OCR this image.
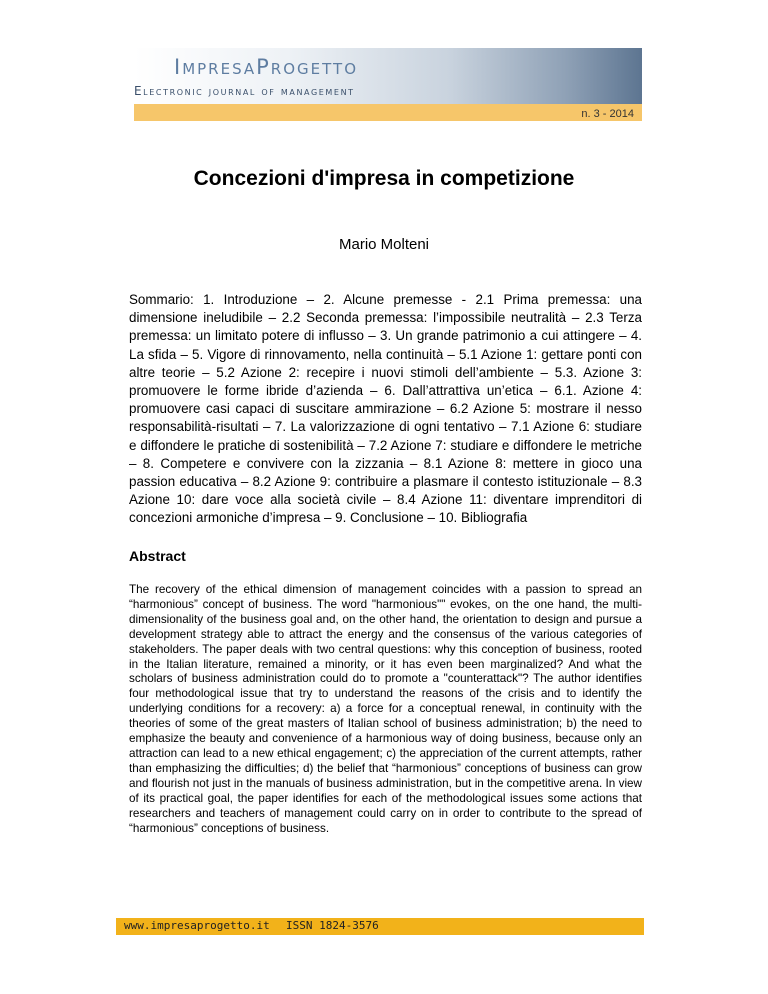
ImpresaProgetto
Electronic journal of management
n. 3 - 2014
Concezioni d'impresa in competizione

Mario Molteni

Sommario: 1. Introduzione – 2. Alcune premesse - 2.1 Prima premessa: una dimensione ineludibile – 2.2 Seconda premessa: l’impossibile neutralità – 2.3 Terza premessa: un limitato potere di influsso – 3. Un grande patrimonio a cui attingere – 4. La sfida – 5. Vigore di rinnovamento, nella continuità – 5.1 Azione 1: gettare ponti con altre teorie – 5.2 Azione 2: recepire i nuovi stimoli dell’ambiente – 5.3. Azione 3: promuovere le forme ibride d’azienda – 6. Dall’attrattiva un’etica – 6.1. Azione 4: promuovere casi capaci di suscitare ammirazione – 6.2 Azione 5: mostrare il nesso responsabilità-risultati – 7. La valorizzazione di ogni tentativo – 7.1 Azione 6: studiare e diffondere le pratiche di sostenibilità – 7.2 Azione 7: studiare e diffondere le metriche – 8. Competere e convivere con la zizzania – 8.1 Azione 8: mettere in gioco una passion educativa – 8.2 Azione 9: contribuire a plasmare il contesto istituzionale – 8.3 Azione 10: dare voce alla società civile – 8.4 Azione 11: diventare imprenditori di concezioni armoniche d’impresa – 9. Conclusione – 10. Bibliografia

Abstract

The recovery of the ethical dimension of management coincides with a passion to spread an “harmonious” concept of business. The word "harmonious"" evokes, on the one hand, the multi-dimensionality of the business goal and, on the other hand, the orientation to design and pursue a development strategy able to attract the energy and the consensus of the various categories of stakeholders. The paper deals with two central questions: why this conception of business, rooted in the Italian literature, remained a minority, or it has even been marginalized? And what the scholars of business administration could do to promote a "counterattack"? The author identifies four methodological issue that try to understand the reasons of the crisis and to identify the underlying conditions for a recovery: a) a force for a conceptual renewal, in continuity with the theories of some of the great masters of Italian school of business administration; b) the need to emphasize the beauty and convenience of a harmonious way of doing business, because only an attraction can lead to a new ethical engagement; c) the appreciation of the current attempts, rather than emphasizing the difficulties; d) the belief that “harmonious” conceptions of business can grow and flourish not just in the manuals of business administration, but in the competitive arena. In view of its practical goal, the paper identifies for each of the methodological issues some actions that researchers and teachers of management could carry on in order to contribute to the spread of “harmonious” conceptions of business.

www.impresaprogetto.it ISSN 1824-3576
